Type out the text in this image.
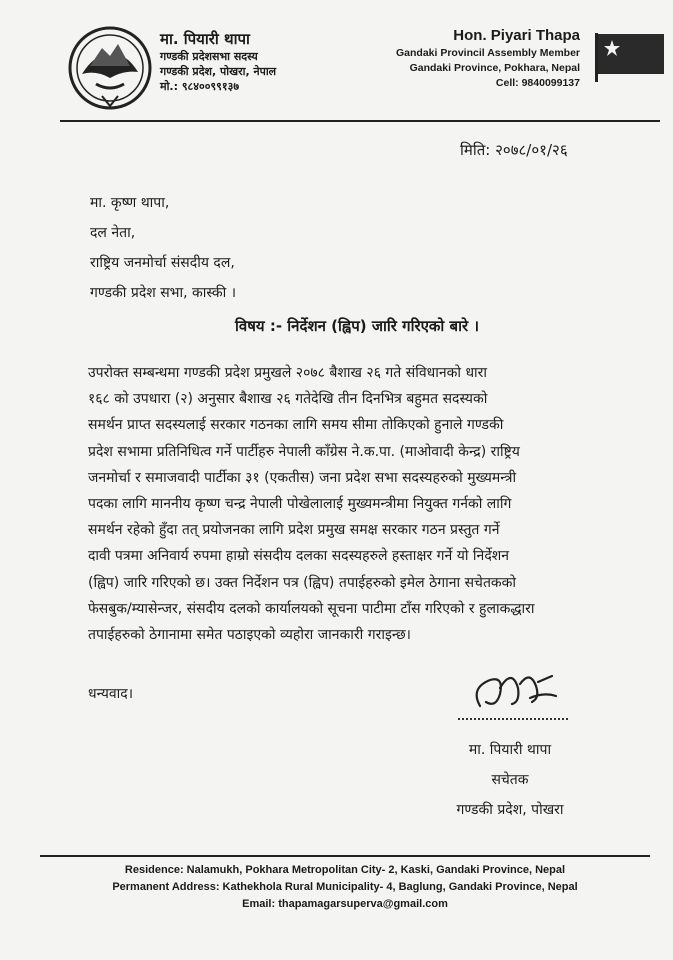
मा. पियारी थापा
गण्डकी प्रदेशसभा सदस्य
गण्डकी प्रदेश, पोखरा, नेपाल
मो.: ९८४००९९१३७
Hon. Piyari Thapa
Gandaki Provincil Assembly Member
Gandaki Province, Pokhara, Nepal
Cell: 9840099137
मिति: २०७८/०१/२६
मा. कृष्ण थापा,
दल नेता,
राष्ट्रिय जनमोर्चा संसदीय दल,
गण्डकी प्रदेश सभा, कास्की ।
विषय :- निर्देशन (ह्विप) जारि गरिएको बारे ।
उपरोक्त सम्बन्धमा गण्डकी प्रदेश प्रमुखले २०७८ बैशाख २६ गते संविधानको धारा
१६८ को उपधारा (२) अनुसार बैशाख २६ गतेदेखि तीन दिनभित्र बहुमत सदस्यको
समर्थन प्राप्त सदस्यलाई सरकार गठनका लागि समय सीमा तोकिएको हुनाले गण्डकी
प्रदेश सभामा प्रतिनिधित्व गर्ने पार्टीहरु नेपाली काँग्रेस ने.क.पा. (माओवादी केन्द्र) राष्ट्रिय
जनमोर्चा र समाजवादी पार्टीका ३१ (एकतीस) जना प्रदेश सभा सदस्यहरुको मुख्यमन्त्री
पदका लागि माननीय कृष्ण चन्द्र नेपाली पोखेलालाई मुख्यमन्त्रीमा नियुक्त गर्नको लागि
समर्थन रहेको हुँदा तत् प्रयोजनका लागि प्रदेश प्रमुख समक्ष सरकार गठन प्रस्तुत गर्ने
दावी पत्रमा अनिवार्य रुपमा हाम्रो संसदीय दलका सदस्यहरुले हस्ताक्षर गर्ने यो निर्देशन
(ह्विप) जारि गरिएको छ। उक्त निर्देशन पत्र (ह्विप) तपाईहरुको इमेल ठेगाना सचेतकको
फेसबुक/म्यासेन्जर, संसदीय दलको कार्यालयको सूचना पाटीमा टाँस गरिएको र हुलाकद्धारा
तपाईहरुको ठेगानामा समेत पठाइएको व्यहोरा जानकारी गराइन्छ।
धन्यवाद।
मा. पियारी थापा
सचेतक
गण्डकी प्रदेश, पोखरा
Residence: Nalamukh, Pokhara Metropolitan City- 2, Kaski, Gandaki Province, Nepal
Permanent Address: Kathekhola Rural Municipality- 4, Baglung, Gandaki Province, Nepal
Email: thapamagarsuperva@gmail.com
